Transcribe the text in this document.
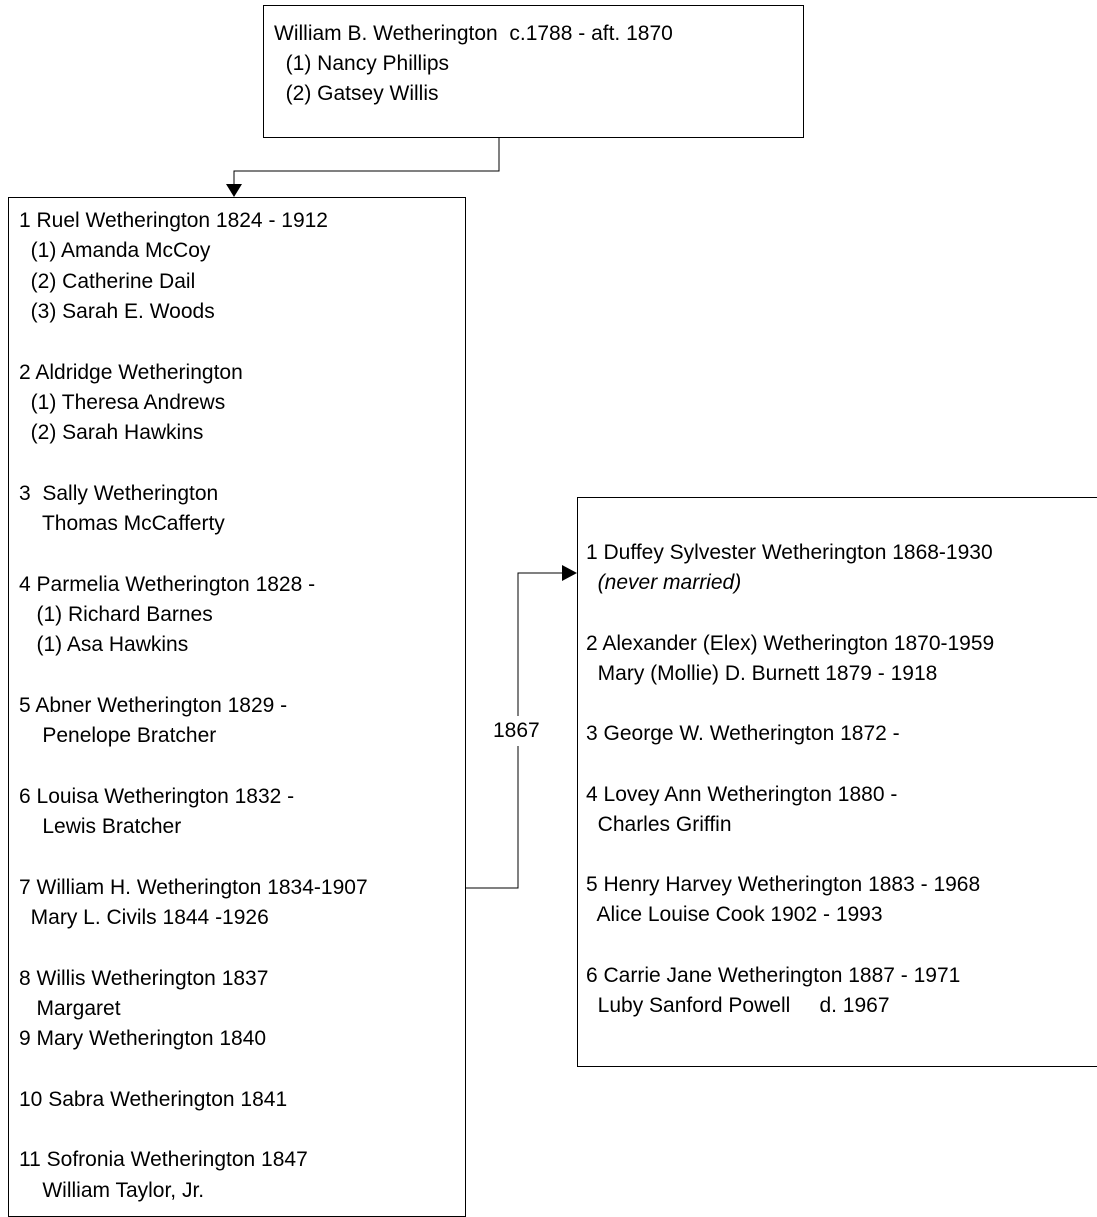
William B. Wetherington  c.1788 - aft. 1870
(1) Nancy Phillips
(2) Gatsey Willis
1 Ruel Wetherington 1824 - 1912
(1) Amanda McCoy
(2) Catherine Dail
(3) Sarah E. Woods
2 Aldridge Wetherington
(1) Theresa Andrews
(2) Sarah Hawkins
3  Sally Wetherington
Thomas McCafferty
4 Parmelia Wetherington 1828 -
(1) Richard Barnes
(1) Asa Hawkins
5 Abner Wetherington 1829 -
Penelope Bratcher
6 Louisa Wetherington 1832 -
Lewis Bratcher
7 William H. Wetherington 1834-1907
Mary L. Civils 1844 -1926
8 Willis Wetherington 1837
Margaret
9 Mary Wetherington 1840
10 Sabra Wetherington 1841
11 Sofronia Wetherington 1847
William Taylor, Jr.
1 Duffey Sylvester Wetherington 1868-1930
(never married)
2 Alexander (Elex) Wetherington 1870-1959
Mary (Mollie) D. Burnett 1879 - 1918
3 George W. Wetherington 1872 -
4 Lovey Ann Wetherington 1880 -
Charles Griffin
5 Henry Harvey Wetherington 1883 - 1968
Alice Louise Cook 1902 - 1993
6 Carrie Jane Wetherington 1887 - 1971
Luby Sanford Powell     d. 1967
1867
